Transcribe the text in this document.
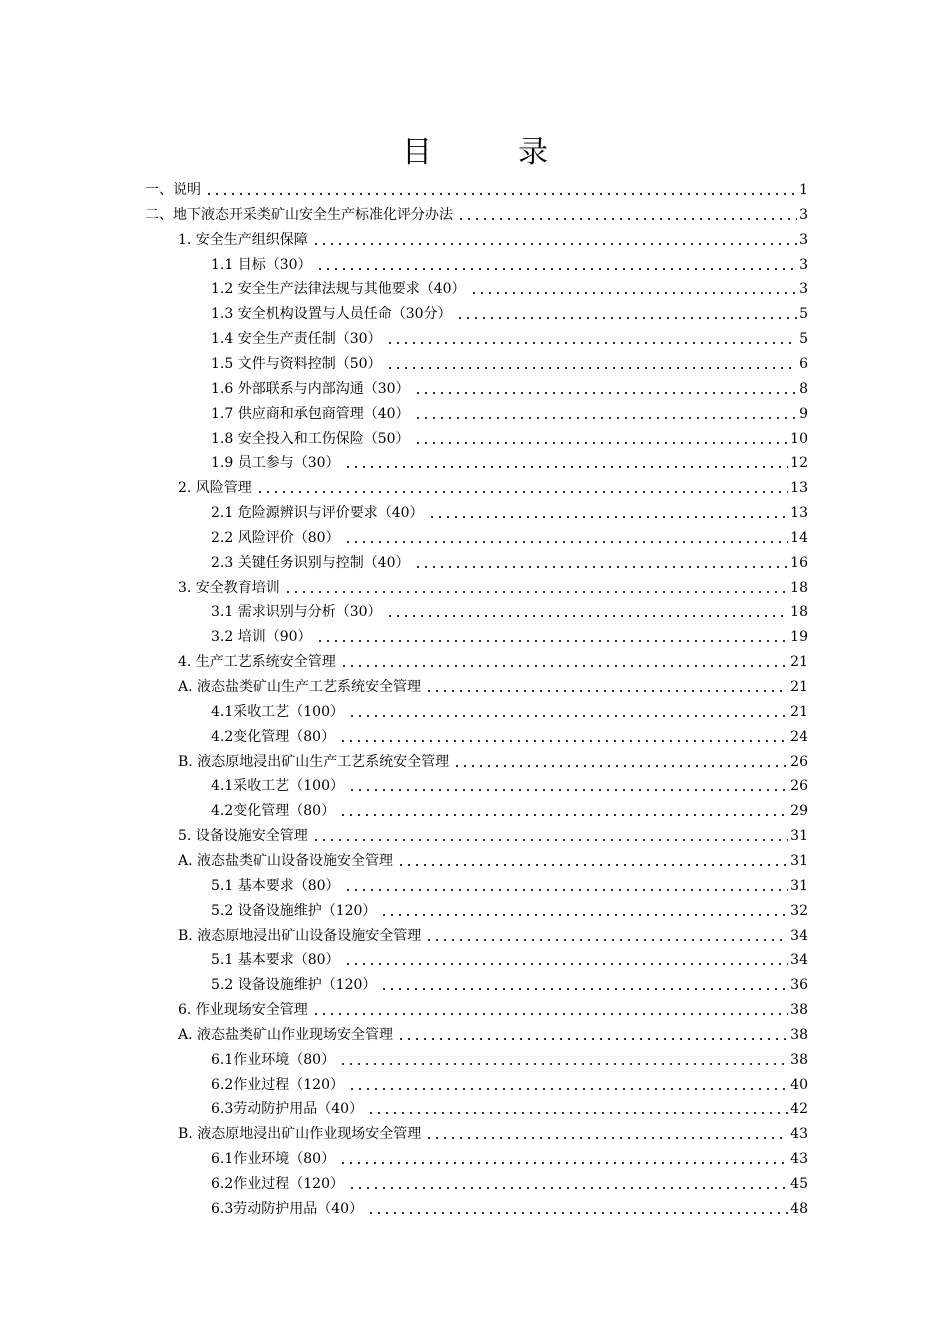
目　录
一、说明	1
二、地下液态开采类矿山安全生产标准化评分办法	3
1. 安全生产组织保障	3
1.1 目标（30）	3
1.2 安全生产法律法规与其他要求（40）	3
1.3 安全机构设置与人员任命（30分）	5
1.4 安全生产责任制（30）	5
1.5 文件与资料控制（50）	6
1.6 外部联系与内部沟通（30）	8
1.7 供应商和承包商管理（40）	9
1.8 安全投入和工伤保险（50）	10
1.9 员工参与（30）	12
2. 风险管理	13
2.1 危险源辨识与评价要求（40）	13
2.2 风险评价（80）	14
2.3 关键任务识别与控制（40）	16
3. 安全教育培训	18
3.1 需求识别与分析（30）	18
3.2 培训（90）	19
4. 生产工艺系统安全管理	21
A. 液态盐类矿山生产工艺系统安全管理	21
4.1采收工艺（100）	21
4.2变化管理（80）	24
B. 液态原地浸出矿山生产工艺系统安全管理	26
4.1采收工艺（100）	26
4.2变化管理（80）	29
5. 设备设施安全管理	31
A. 液态盐类矿山设备设施安全管理	31
5.1 基本要求（80）	31
5.2 设备设施维护（120）	32
B. 液态原地浸出矿山设备设施安全管理	34
5.1 基本要求（80）	34
5.2 设备设施维护（120）	36
6. 作业现场安全管理	38
A. 液态盐类矿山作业现场安全管理	38
6.1作业环境（80）	38
6.2作业过程（120）	40
6.3劳动防护用品（40）	42
B. 液态原地浸出矿山作业现场安全管理	43
6.1作业环境（80）	43
6.2作业过程（120）	45
6.3劳动防护用品（40）	48
